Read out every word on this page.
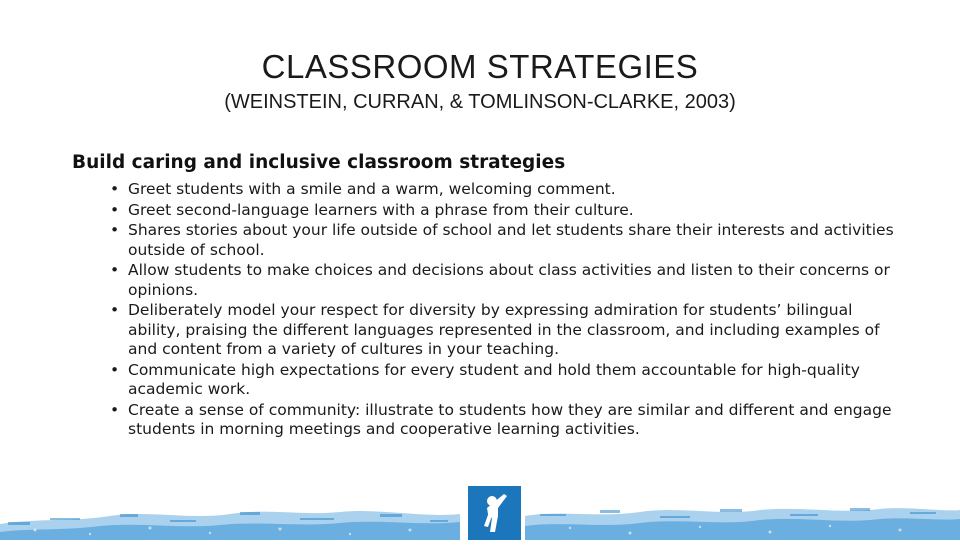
CLASSROOM STRATEGIES
(WEINSTEIN, CURRAN, & TOMLINSON-CLARKE, 2003)
Build caring and inclusive classroom strategies
• Greet students with a smile and a warm, welcoming comment.
• Greet second-language learners with a phrase from their culture.
• Shares stories about your life outside of school and let students share their interests and activities outside of school.
• Allow students to make choices and decisions about class activities and listen to their concerns or opinions.
• Deliberately model your respect for diversity by expressing admiration for students’ bilingual ability, praising the different languages represented in the classroom, and including examples of and content from a variety of cultures in your teaching.
• Communicate high expectations for every student and hold them accountable for high-quality academic work.
• Create a sense of community: illustrate to students how they are similar and different and engage students in morning meetings and cooperative learning activities.
